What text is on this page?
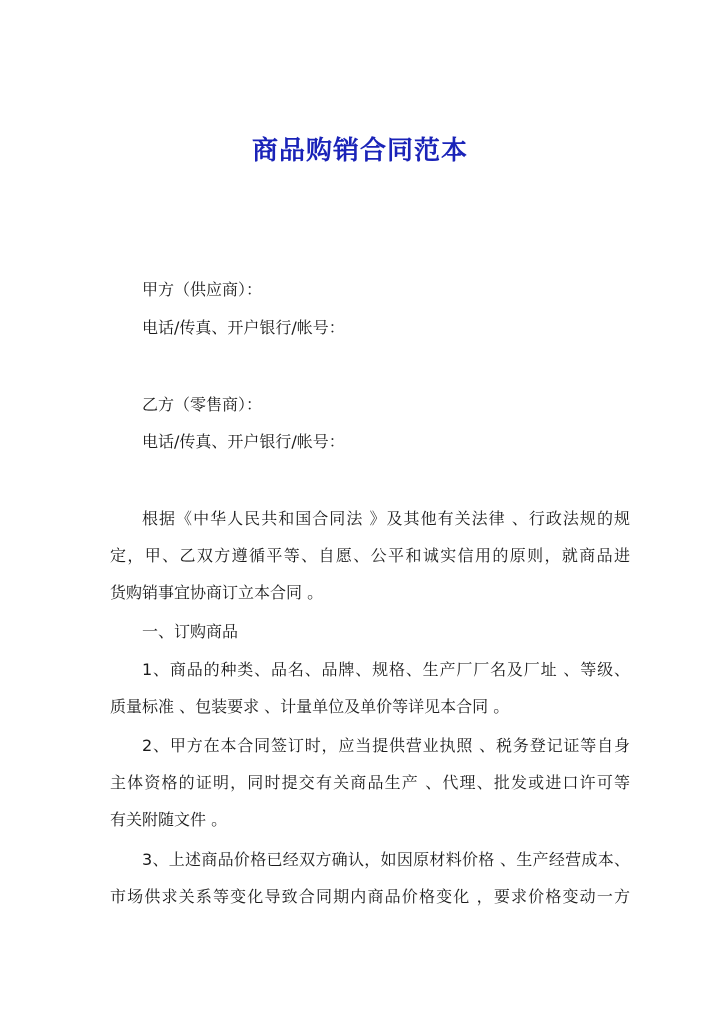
商品购销合同范本

甲方（供应商）：

电话/传真、开户银行/帐号：

乙方（零售商）：

电话/传真、开户银行/帐号：

根据《中华人民共和国合同法 》及其他有关法律 、行政法规的规

定，甲、乙双方遵循平等、自愿、公平和诚实信用的原则，就商品进

货购销事宜协商订立本合同 。

一、订购商品

1、商品的种类、品名、品牌、规格、生产厂厂名及厂址 、等级、

质量标准 、包装要求 、计量单位及单价等详见本合同 。

2、甲方在本合同签订时，应当提供营业执照 、税务登记证等自身

主体资格的证明，同时提交有关商品生产 、代理、批发或进口许可等

有关附随文件 。

3、上述商品价格已经双方确认，如因原材料价格 、生产经营成本、

市场供求关系等变化导致合同期内商品价格变化 ，要求价格变动一方
